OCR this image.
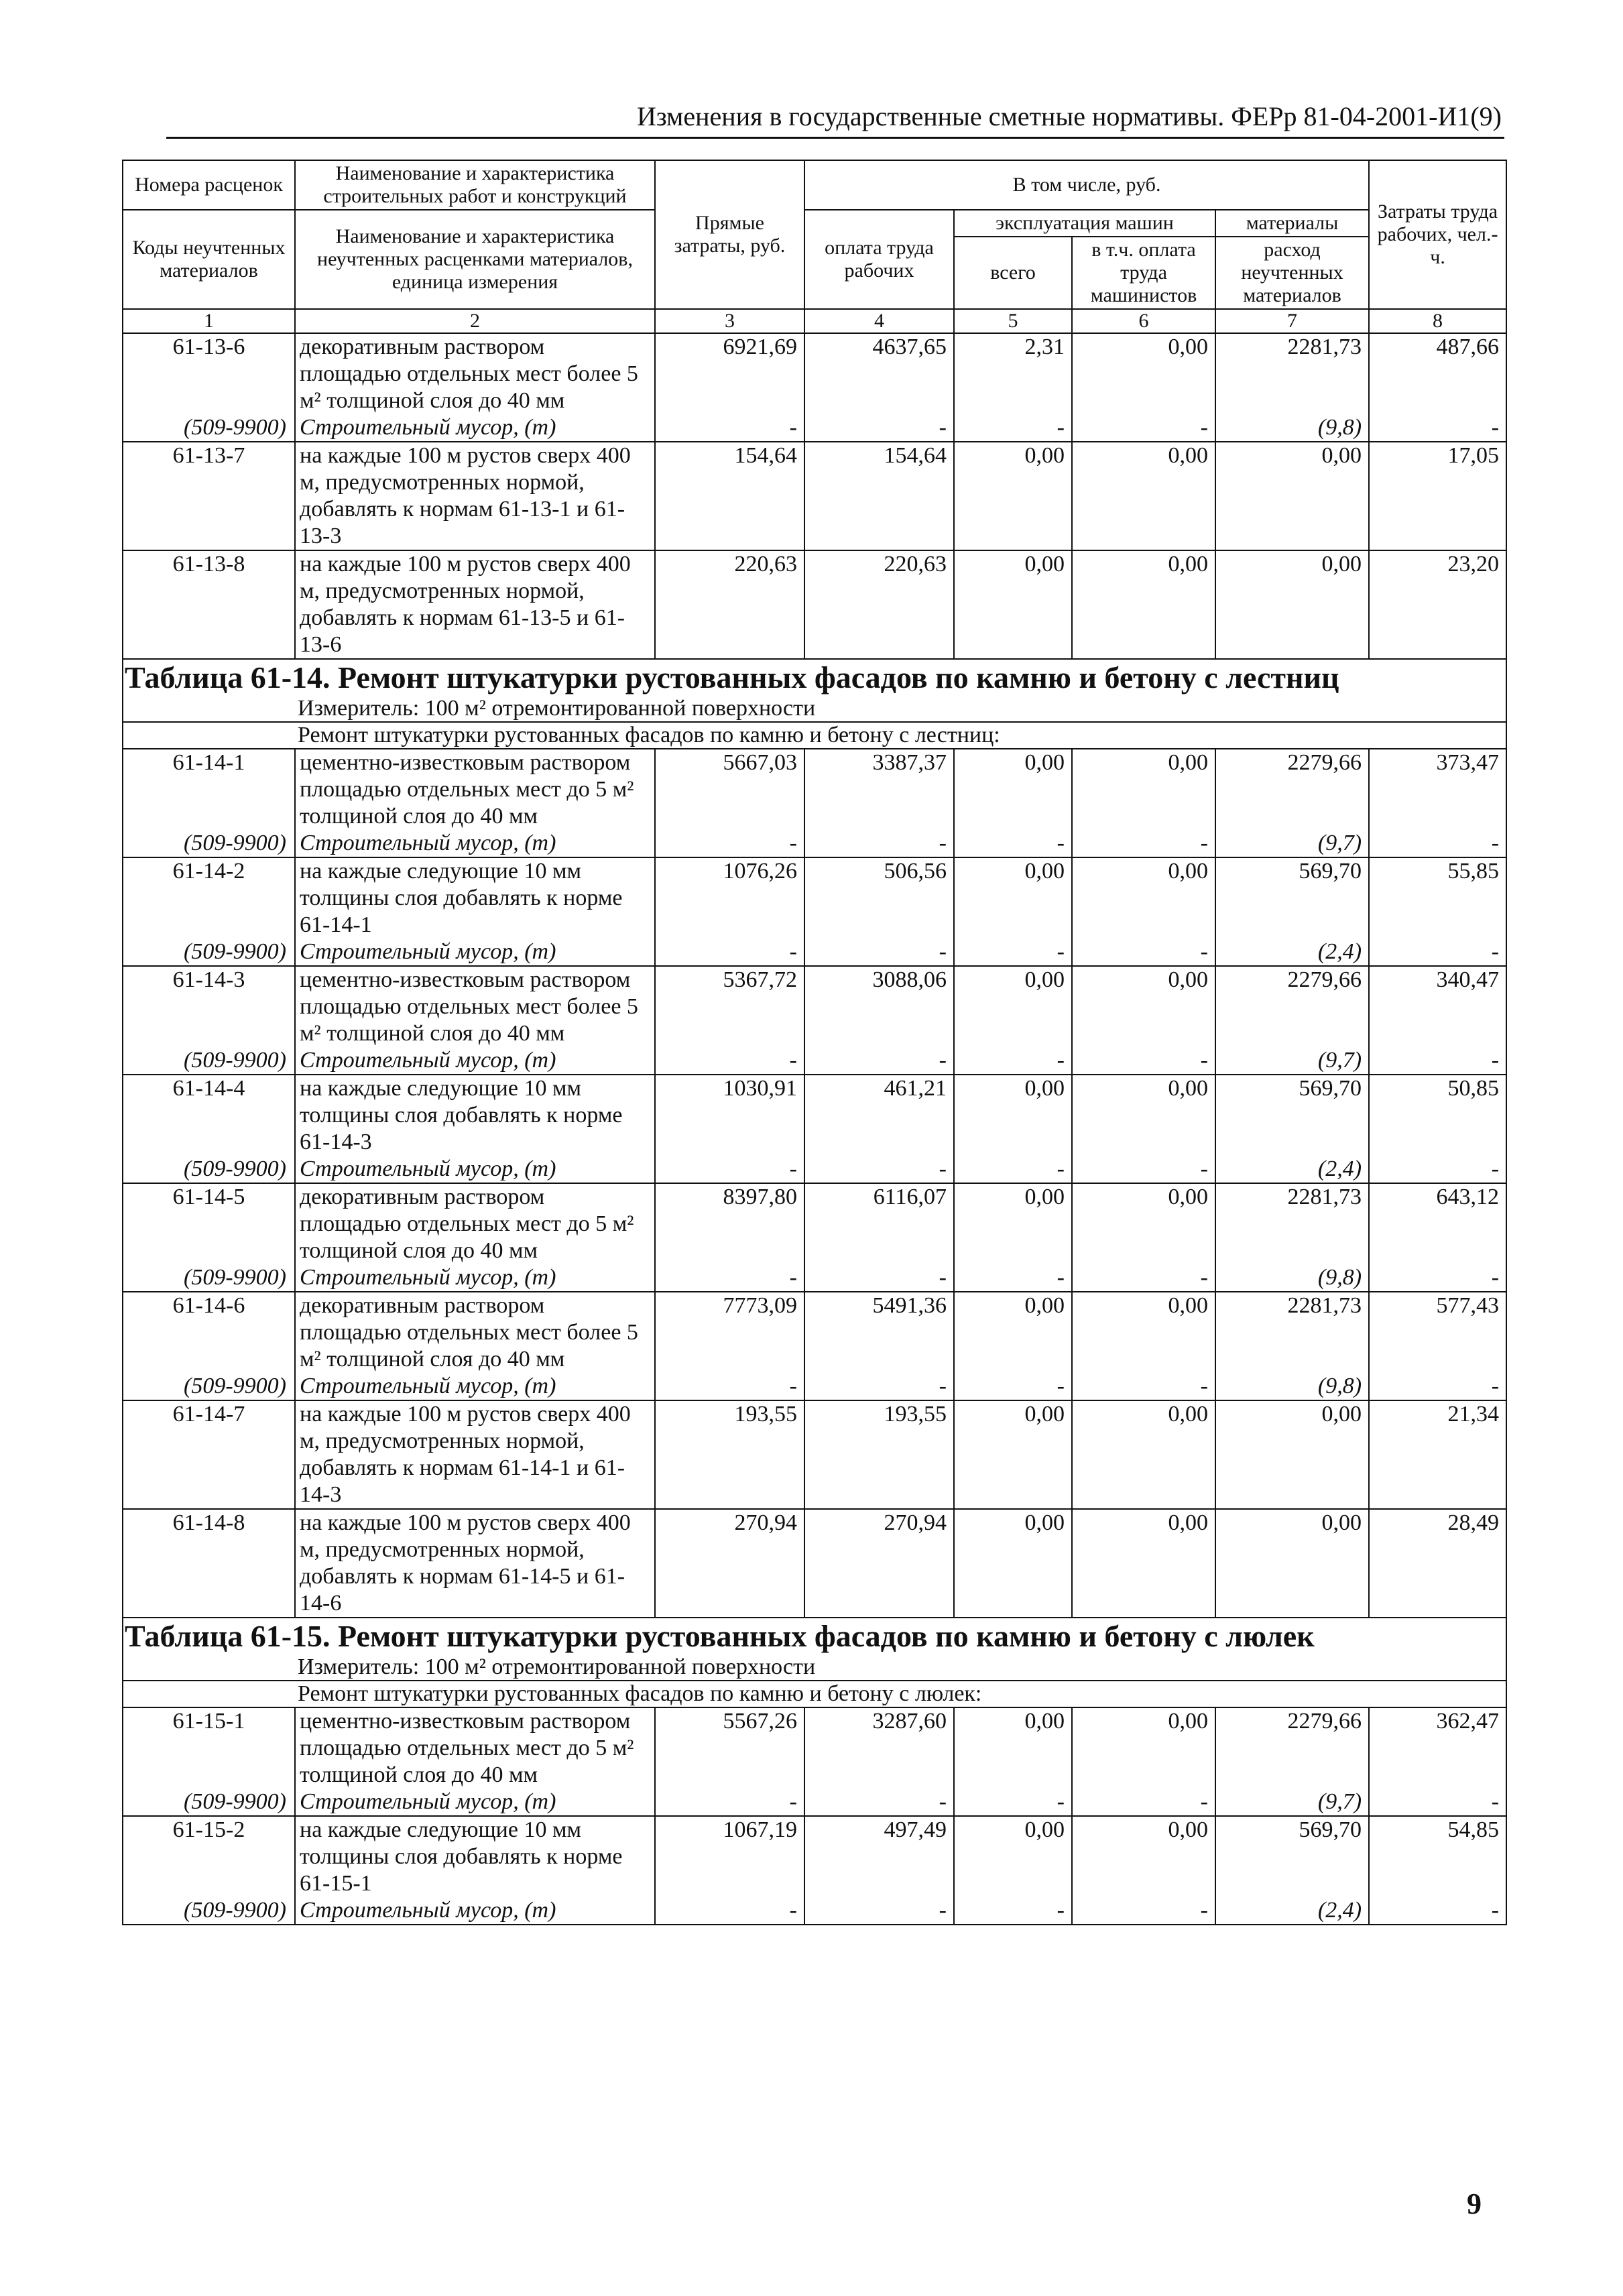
Изменения в государственные сметные нормативы. ФЕРр 81-04-2001-И1(9)
Номера расценок	Наименование и характеристика строительных работ и конструкций	Прямые затраты, руб.	В том числе, руб.				Затраты труда рабочих, чел.-ч.
Коды неучтенных материалов	Наименование и характеристика неучтенных расценками материалов, единица измерения		оплата труда рабочих	эксплуатация машин		материалы	
				всего	в т.ч. оплата труда машинистов	расход неучтенных материалов	
1	2	3	4	5	6	7	8
61-13-6	декоративным раствором площадью отдельных мест более 5 м² толщиной слоя до 40 мм	6921,69	4637,65	2,31	0,00	2281,73	487,66
(509-9900)	Строительный мусор, (т)	-	-	-	-	(9,8)	-
61-13-7	на каждые 100 м рустов сверх 400 м, предусмотренных нормой, добавлять к нормам 61-13-1 и 61-13-3	154,64	154,64	0,00	0,00	0,00	17,05
61-13-8	на каждые 100 м рустов сверх 400 м, предусмотренных нормой, добавлять к нормам 61-13-5 и 61-13-6	220,63	220,63	0,00	0,00	0,00	23,20
Таблица 61-14. Ремонт штукатурки рустованных фасадов по камню и бетону с лестниц							
Измеритель: 100 м² отремонтированной поверхности							
Ремонт штукатурки рустованных фасадов по камню и бетону с лестниц:							
61-14-1	цементно-известковым раствором площадью отдельных мест до 5 м² толщиной слоя до 40 мм	5667,03	3387,37	0,00	0,00	2279,66	373,47
(509-9900)	Строительный мусор, (т)	-	-	-	-	(9,7)	-
61-14-2	на каждые следующие 10 мм толщины слоя добавлять к норме 61-14-1	1076,26	506,56	0,00	0,00	569,70	55,85
(509-9900)	Строительный мусор, (т)	-	-	-	-	(2,4)	-
61-14-3	цементно-известковым раствором площадью отдельных мест более 5 м² толщиной слоя до 40 мм	5367,72	3088,06	0,00	0,00	2279,66	340,47
(509-9900)	Строительный мусор, (т)	-	-	-	-	(9,7)	-
61-14-4	на каждые следующие 10 мм толщины слоя добавлять к норме 61-14-3	1030,91	461,21	0,00	0,00	569,70	50,85
(509-9900)	Строительный мусор, (т)	-	-	-	-	(2,4)	-
61-14-5	декоративным раствором площадью отдельных мест до 5 м² толщиной слоя до 40 мм	8397,80	6116,07	0,00	0,00	2281,73	643,12
(509-9900)	Строительный мусор, (т)	-	-	-	-	(9,8)	-
61-14-6	декоративным раствором площадью отдельных мест более 5 м² толщиной слоя до 40 мм	7773,09	5491,36	0,00	0,00	2281,73	577,43
(509-9900)	Строительный мусор, (т)	-	-	-	-	(9,8)	-
61-14-7	на каждые 100 м рустов сверх 400 м, предусмотренных нормой, добавлять к нормам 61-14-1 и 61-14-3	193,55	193,55	0,00	0,00	0,00	21,34
61-14-8	на каждые 100 м рустов сверх 400 м, предусмотренных нормой, добавлять к нормам 61-14-5 и 61-14-6	270,94	270,94	0,00	0,00	0,00	28,49
Таблица 61-15. Ремонт штукатурки рустованных фасадов по камню и бетону с люлек							
Измеритель: 100 м² отремонтированной поверхности							
Ремонт штукатурки рустованных фасадов по камню и бетону с люлек:							
61-15-1	цементно-известковым раствором площадью отдельных мест до 5 м² толщиной слоя до 40 мм	5567,26	3287,60	0,00	0,00	2279,66	362,47
(509-9900)	Строительный мусор, (т)	-	-	-	-	(9,7)	-
61-15-2	на каждые следующие 10 мм толщины слоя добавлять к норме 61-15-1	1067,19	497,49	0,00	0,00	569,70	54,85
(509-9900)	Строительный мусор, (т)	-	-	-	-	(2,4)	-
9
